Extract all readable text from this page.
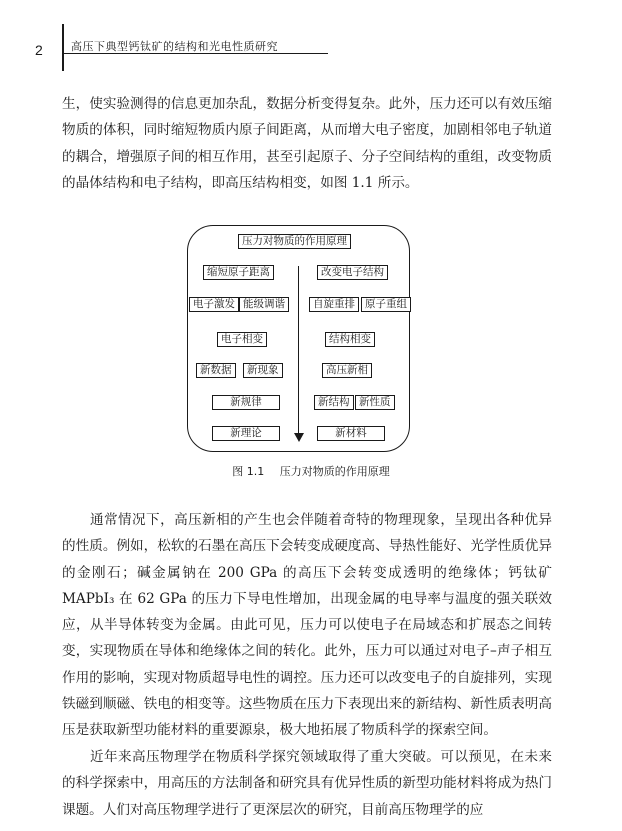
2	高压下典型钙钛矿的结构和光电性质研究

生，使实验测得的信息更加杂乱，数据分析变得复杂。此外，压力还可以有效压缩物质的体积，同时缩短物质内原子间距离，从而增大电子密度，加剧相邻电子轨道的耦合，增强原子间的相互作用，甚至引起原子、分子空间结构的重组，改变物质的晶体结构和电子结构，即高压结构相变，如图 1.1 所示。

压力对物质的作用原理
缩短原子距离	改变电子结构
电子激发 能级调谐	自旋重排 原子重组
电子相变	结构相变
新数据	新现象	高压新相
新规律	新结构 新性质
新理论	新材料
图 1.1 压力对物质的作用原理

通常情况下，高压新相的产生也会伴随着奇特的物理现象，呈现出各种优异的性质。例如，松软的石墨在高压下会转变成硬度高、导热性能好、光学性质优异的金刚石；碱金属钠在 200 GPa 的高压下会转变成透明的绝缘体；钙钛矿 MAPbI₃ 在 62 GPa 的压力下导电性增加，出现金属的电导率与温度的强关联效应，从半导体转变为金属。由此可见，压力可以使电子在局域态和扩展态之间转变，实现物质在导体和绝缘体之间的转化。此外，压力可以通过对电子–声子相互作用的影响，实现对物质超导电性的调控。压力还可以改变电子的自旋排列，实现铁磁到顺磁、铁电的相变等。这些物质在压力下表现出来的新结构、新性质表明高压是获取新型功能材料的重要源泉，极大地拓展了物质科学的探索空间。

近年来高压物理学在物质科学探究领域取得了重大突破。可以预见，在未来的科学探索中，用高压的方法制备和研究具有优异性质的新型功能材料将成为热门课题。人们对高压物理学进行了更深层次的研究，目前高压物理学的应
